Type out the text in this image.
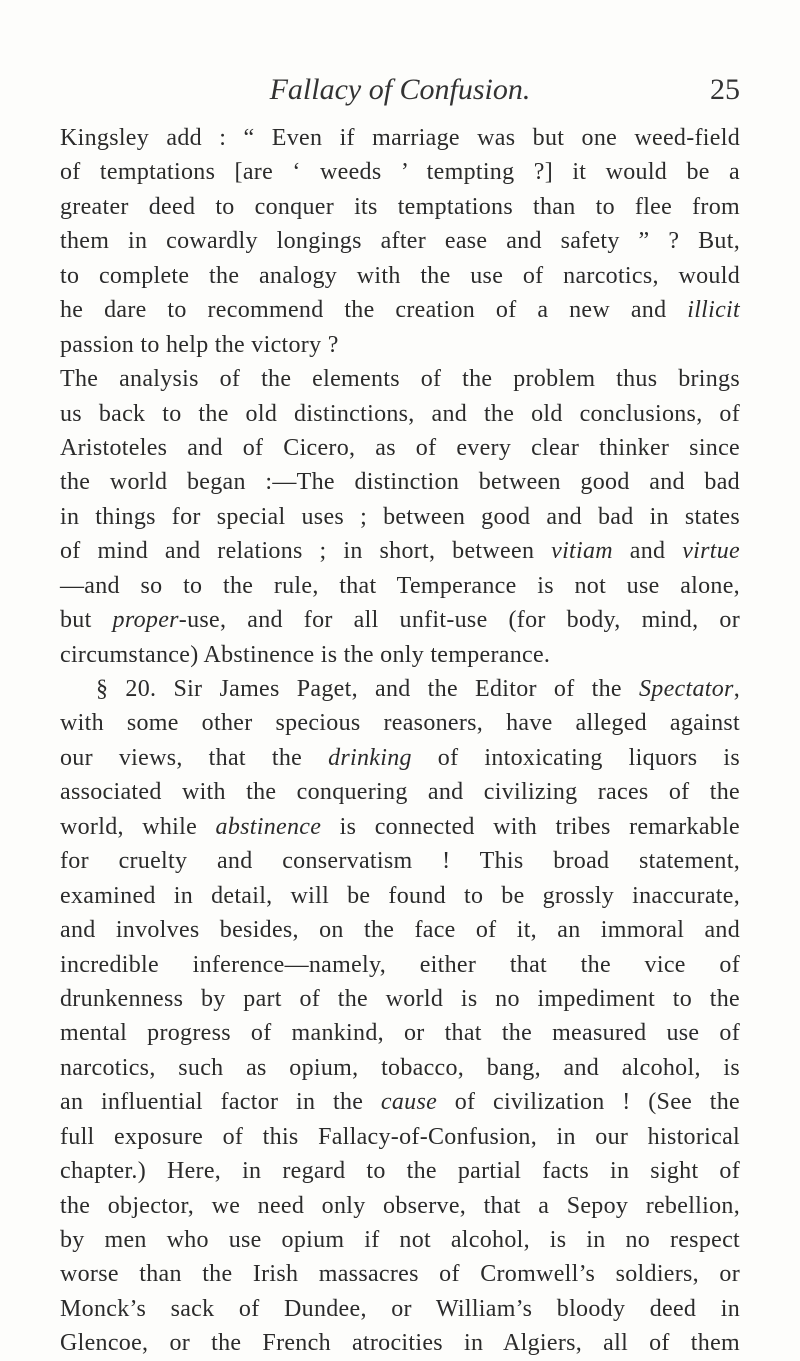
Fallacy of Confusion.	25
Kingsley add : “ Even if marriage was but one weed-field
of temptations [are ‘ weeds ’ tempting ?] it would be a
greater deed to conquer its temptations than to flee from
them in cowardly longings after ease and safety ” ? But,
to complete the analogy with the use of narcotics, would
he dare to recommend the creation of a new and illicit
passion to help the victory ?
The analysis of the elements of the problem thus brings
us back to the old distinctions, and the old conclusions, of
Aristoteles and of Cicero, as of every clear thinker since
the world began :—The distinction between good and bad
in things for special uses ; between good and bad in states
of mind and relations ; in short, between vitiam and virtue
—and so to the rule, that Temperance is not use alone,
but proper-use, and for all unfit-use (for body, mind, or
circumstance) Abstinence is the only temperance.
§ 20. Sir James Paget, and the Editor of the Spectator,
with some other specious reasoners, have alleged against
our views, that the drinking of intoxicating liquors is
associated with the conquering and civilizing races of the
world, while abstinence is connected with tribes remarkable
for cruelty and conservatism ! This broad statement,
examined in detail, will be found to be grossly inaccurate,
and involves besides, on the face of it, an immoral and
incredible inference—namely, either that the vice of
drunkenness by part of the world is no impediment to the
mental progress of mankind, or that the measured use of
narcotics, such as opium, tobacco, bang, and alcohol, is
an influential factor in the cause of civilization ! (See the
full exposure of this Fallacy-of-Confusion, in our historical
chapter.) Here, in regard to the partial facts in sight of
the objector, we need only observe, that a Sepoy rebellion,
by men who use opium if not alcohol, is in no respect
worse than the Irish massacres of Cromwell’s soldiers, or
Monck’s sack of Dundee, or William’s bloody deed in
Glencoe, or the French atrocities in Algiers, all of them
